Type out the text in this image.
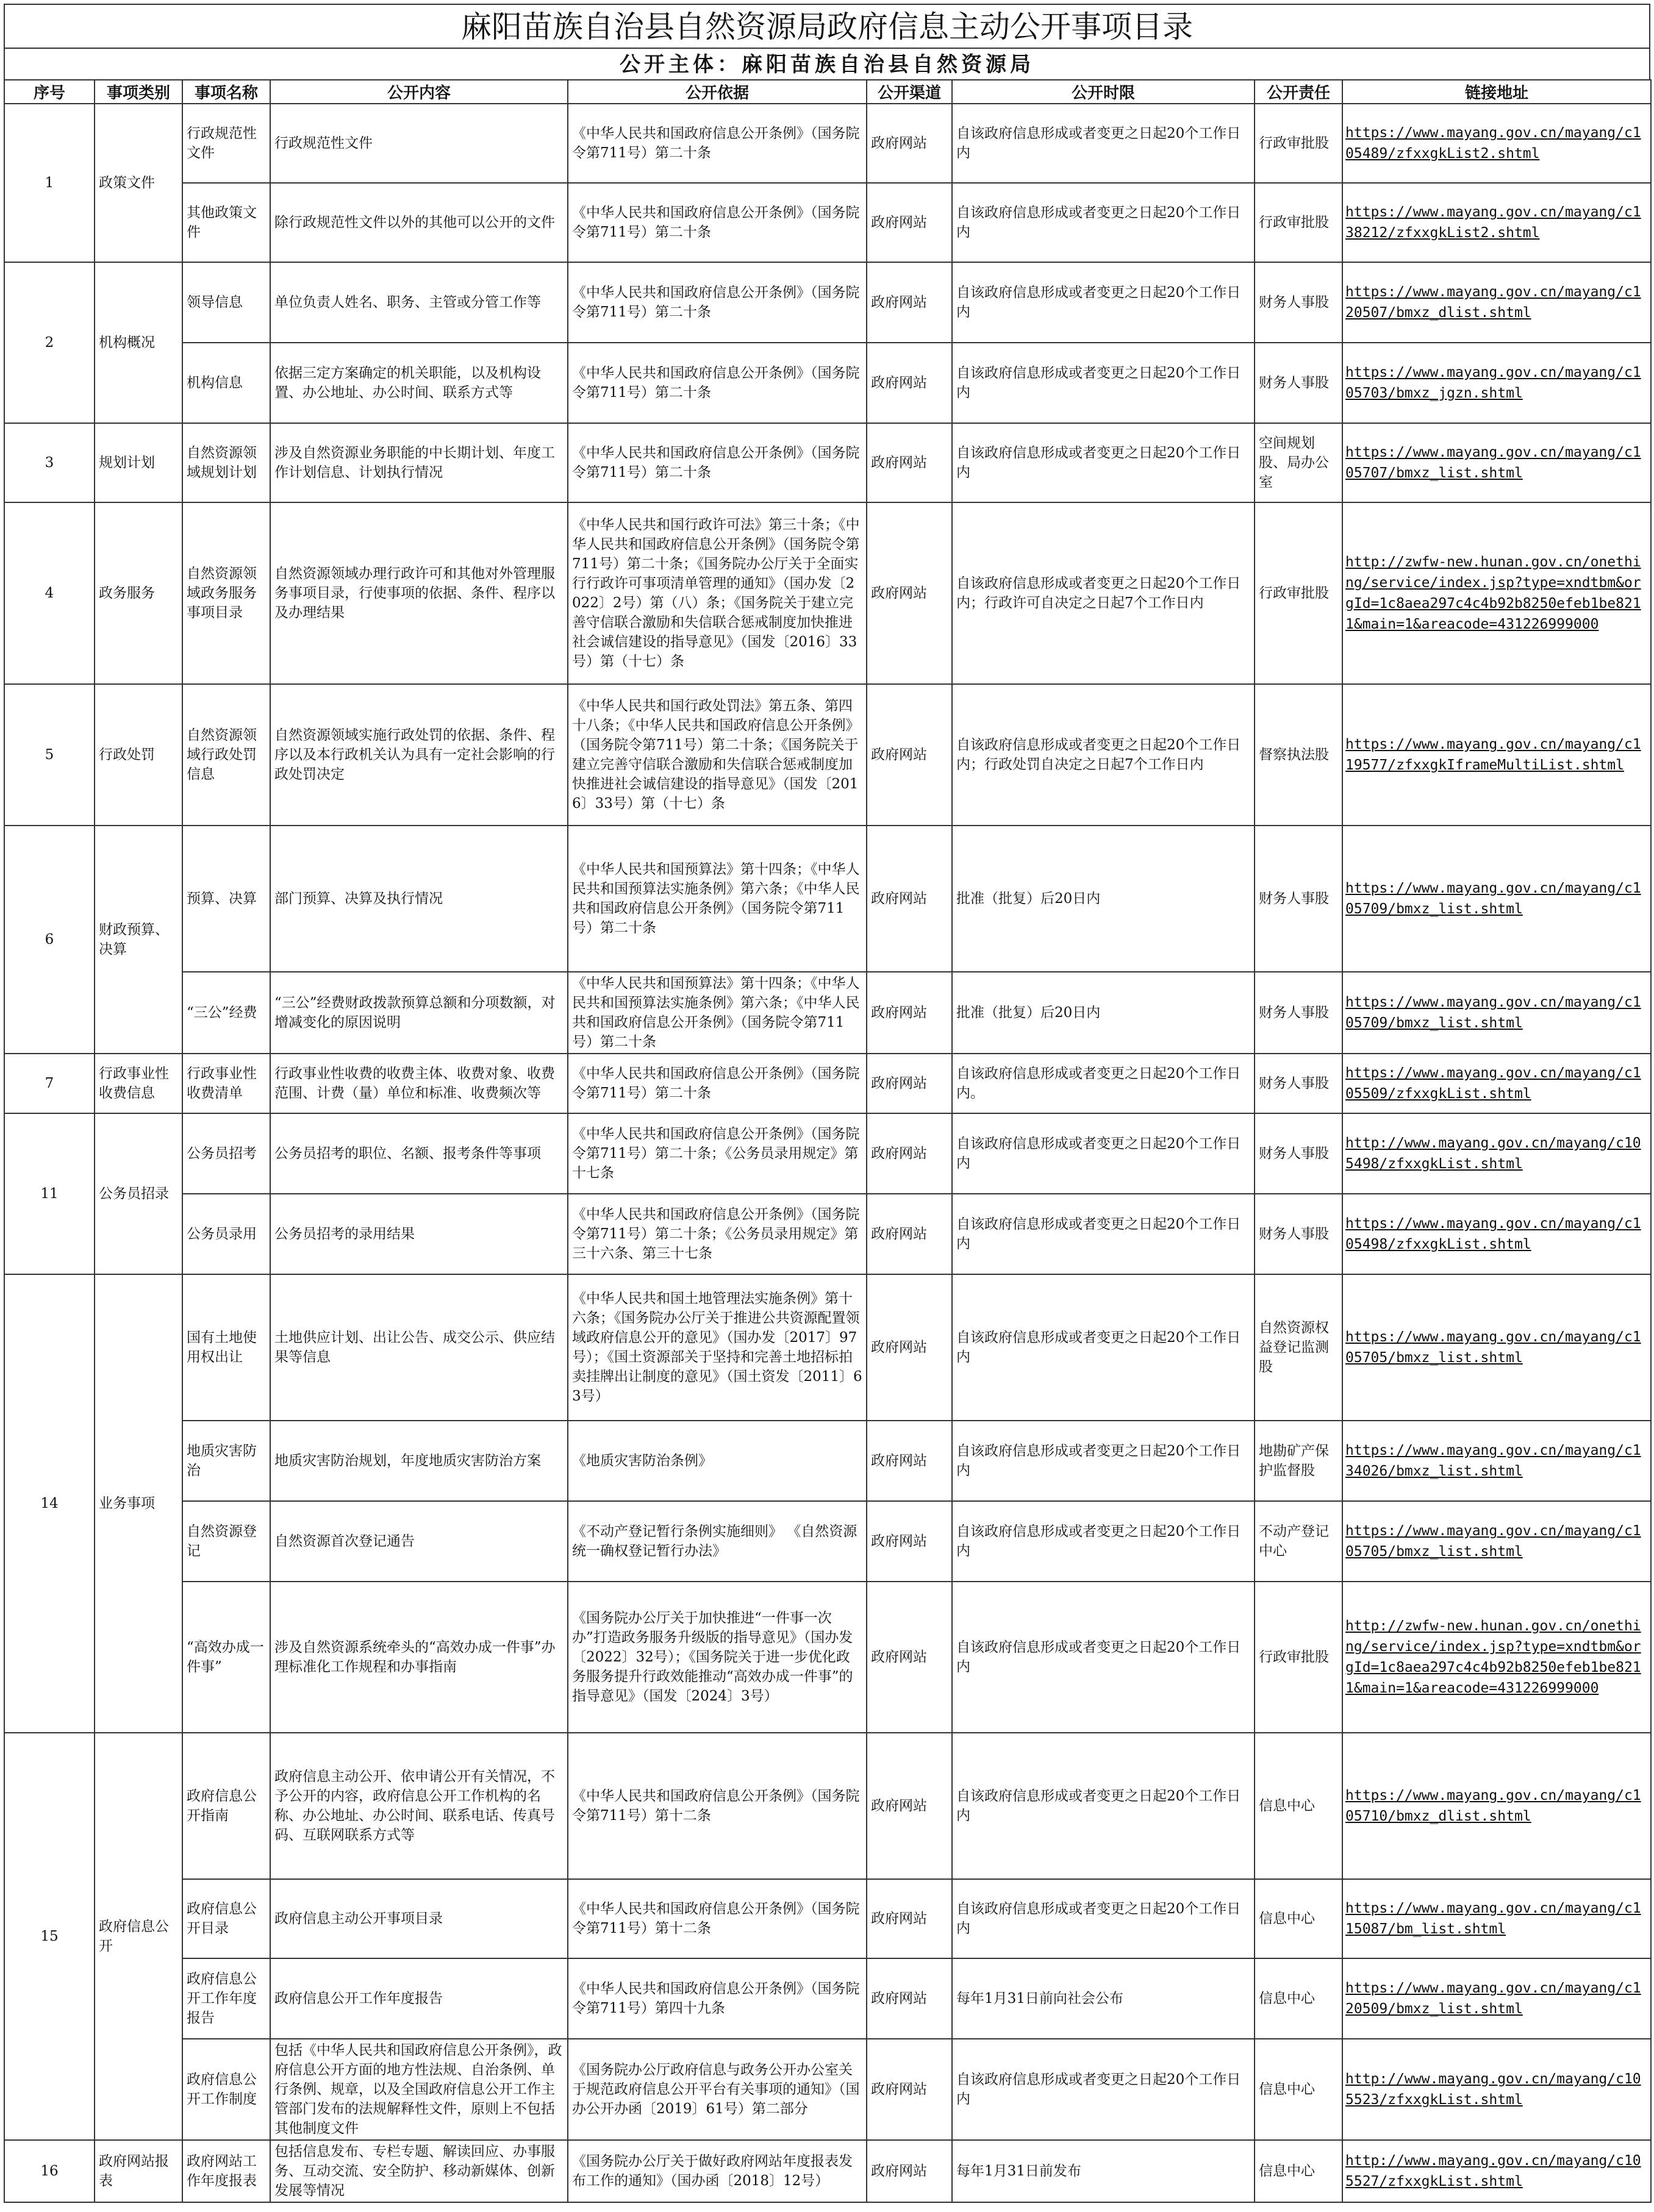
麻阳苗族自治县自然资源局政府信息主动公开事项目录
公开主体：麻阳苗族自治县自然资源局
序号	事项类别	事项名称	公开内容	公开依据	公开渠道	公开时限	公开责任	链接地址
1	政策文件	行政规范性文件	行政规范性文件	《中华人民共和国政府信息公开条例》（国务院令第711号）第二十条	政府网站	自该政府信息形成或者变更之日起20个工作日内	行政审批股	https://www.mayang.gov.cn/mayang/c105489/zfxxgkList2.shtml
		其他政策文件	除行政规范性文件以外的其他可以公开的文件	《中华人民共和国政府信息公开条例》（国务院令第711号）第二十条	政府网站	自该政府信息形成或者变更之日起20个工作日内	行政审批股	https://www.mayang.gov.cn/mayang/c138212/zfxxgkList2.shtml
2	机构概况	领导信息	单位负责人姓名、职务、主管或分管工作等	《中华人民共和国政府信息公开条例》（国务院令第711号）第二十条	政府网站	自该政府信息形成或者变更之日起20个工作日内	财务人事股	https://www.mayang.gov.cn/mayang/c120507/bmxz_dlist.shtml
		机构信息	依据三定方案确定的机关职能，以及机构设置、办公地址、办公时间、联系方式等	《中华人民共和国政府信息公开条例》（国务院令第711号）第二十条	政府网站	自该政府信息形成或者变更之日起20个工作日内	财务人事股	https://www.mayang.gov.cn/mayang/c105703/bmxz_jgzn.shtml
3	规划计划	自然资源领域规划计划	涉及自然资源业务职能的中长期计划、年度工作计划信息、计划执行情况	《中华人民共和国政府信息公开条例》（国务院令第711号）第二十条	政府网站	自该政府信息形成或者变更之日起20个工作日内	空间规划股、局办公室	https://www.mayang.gov.cn/mayang/c105707/bmxz_list.shtml
4	政务服务	自然资源领域政务服务事项目录	自然资源领域办理行政许可和其他对外管理服务事项目录，行使事项的依据、条件、程序以及办理结果	《中华人民共和国行政许可法》第三十条；《中华人民共和国政府信息公开条例》（国务院令第711号）第二十条；《国务院办公厅关于全面实行行政许可事项清单管理的通知》（国办发〔2022〕2号）第（八）条；《国务院关于建立完善守信联合激励和失信联合惩戒制度加快推进社会诚信建设的指导意见》（国发〔2016〕33号）第（十七）条	政府网站	自该政府信息形成或者变更之日起20个工作日内；行政许可自决定之日起7个工作日内	行政审批股	http://zwfw-new.hunan.gov.cn/onething/service/index.jsp?type=xndtbm&orgId=1c8aea297c4c4b92b8250efeb1be8211&main=1&areacode=431226999000
5	行政处罚	自然资源领域行政处罚信息	自然资源领域实施行政处罚的依据、条件、程序以及本行政机关认为具有一定社会影响的行政处罚决定	《中华人民共和国行政处罚法》第五条、第四十八条；《中华人民共和国政府信息公开条例》（国务院令第711号）第二十条；《国务院关于建立完善守信联合激励和失信联合惩戒制度加快推进社会诚信建设的指导意见》（国发〔2016〕33号）第（十七）条	政府网站	自该政府信息形成或者变更之日起20个工作日内；行政处罚自决定之日起7个工作日内	督察执法股	https://www.mayang.gov.cn/mayang/c119577/zfxxgkIframeMultiList.shtml
6	财政预算、决算	预算、决算	部门预算、决算及执行情况	《中华人民共和国预算法》第十四条；《中华人民共和国预算法实施条例》第六条；《中华人民共和国政府信息公开条例》（国务院令第711号）第二十条	政府网站	批准（批复）后20日内	财务人事股	https://www.mayang.gov.cn/mayang/c105709/bmxz_list.shtml
		“三公”经费	“三公”经费财政拨款预算总额和分项数额，对增减变化的原因说明	《中华人民共和国预算法》第十四条；《中华人民共和国预算法实施条例》第六条；《中华人民共和国政府信息公开条例》（国务院令第711号）第二十条	政府网站	批准（批复）后20日内	财务人事股	https://www.mayang.gov.cn/mayang/c105709/bmxz_list.shtml
7	行政事业性收费信息	行政事业性收费清单	行政事业性收费的收费主体、收费对象、收费范围、计费（量）单位和标准、收费频次等	《中华人民共和国政府信息公开条例》（国务院令第711号）第二十条	政府网站	自该政府信息形成或者变更之日起20个工作日内。	财务人事股	https://www.mayang.gov.cn/mayang/c105509/zfxxgkList.shtml
11	公务员招录	公务员招考	公务员招考的职位、名额、报考条件等事项	《中华人民共和国政府信息公开条例》（国务院令第711号）第二十条；《公务员录用规定》第十七条	政府网站	自该政府信息形成或者变更之日起20个工作日内	财务人事股	http://www.mayang.gov.cn/mayang/c105498/zfxxgkList.shtml
		公务员录用	公务员招考的录用结果	《中华人民共和国政府信息公开条例》（国务院令第711号）第二十条；《公务员录用规定》第三十六条、第三十七条	政府网站	自该政府信息形成或者变更之日起20个工作日内	财务人事股	https://www.mayang.gov.cn/mayang/c105498/zfxxgkList.shtml
14	业务事项	国有土地使用权出让	土地供应计划、出让公告、成交公示、供应结果等信息	《中华人民共和国土地管理法实施条例》第十六条；《国务院办公厅关于推进公共资源配置领域政府信息公开的意见》（国办发〔2017〕97号）；《国土资源部关于坚持和完善土地招标拍卖挂牌出让制度的意见》（国土资发〔2011〕63号）	政府网站	自该政府信息形成或者变更之日起20个工作日内	自然资源权益登记监测股	https://www.mayang.gov.cn/mayang/c105705/bmxz_list.shtml
		地质灾害防治	地质灾害防治规划，年度地质灾害防治方案	《地质灾害防治条例》	政府网站	自该政府信息形成或者变更之日起20个工作日内	地勘矿产保护监督股	https://www.mayang.gov.cn/mayang/c134026/bmxz_list.shtml
		自然资源登记	自然资源首次登记通告	《不动产登记暂行条例实施细则》 《自然资源统一确权登记暂行办法》	政府网站	自该政府信息形成或者变更之日起20个工作日内	不动产登记中心	https://www.mayang.gov.cn/mayang/c105705/bmxz_list.shtml
		“高效办成一件事”	涉及自然资源系统牵头的“高效办成一件事”办理标准化工作规程和办事指南	《国务院办公厅关于加快推进“一件事一次办”打造政务服务升级版的指导意见》（国办发〔2022〕32号）；《国务院关于进一步优化政务服务提升行政效能推动“高效办成一件事”的指导意见》（国发〔2024〕3号）	政府网站	自该政府信息形成或者变更之日起20个工作日内	行政审批股	http://zwfw-new.hunan.gov.cn/onething/service/index.jsp?type=xndtbm&orgId=1c8aea297c4c4b92b8250efeb1be8211&main=1&areacode=431226999000
15	政府信息公开	政府信息公开指南	政府信息主动公开、依申请公开有关情况，不予公开的内容，政府信息公开工作机构的名称、办公地址、办公时间、联系电话、传真号码、互联网联系方式等	《中华人民共和国政府信息公开条例》（国务院令第711号）第十二条	政府网站	自该政府信息形成或者变更之日起20个工作日内	信息中心	https://www.mayang.gov.cn/mayang/c105710/bmxz_dlist.shtml
		政府信息公开目录	政府信息主动公开事项目录	《中华人民共和国政府信息公开条例》（国务院令第711号）第十二条	政府网站	自该政府信息形成或者变更之日起20个工作日内	信息中心	https://www.mayang.gov.cn/mayang/c115087/bm_list.shtml
		政府信息公开工作年度报告	政府信息公开工作年度报告	《中华人民共和国政府信息公开条例》（国务院令第711号）第四十九条	政府网站	每年1月31日前向社会公布	信息中心	https://www.mayang.gov.cn/mayang/c120509/bmxz_list.shtml
		政府信息公开工作制度	包括《中华人民共和国政府信息公开条例》，政府信息公开方面的地方性法规、自治条例、单行条例、规章，以及全国政府信息公开工作主管部门发布的法规解释性文件，原则上不包括其他制度文件	《国务院办公厅政府信息与政务公开办公室关于规范政府信息公开平台有关事项的通知》（国办公开办函〔2019〕61号）第二部分	政府网站	自该政府信息形成或者变更之日起20个工作日内	信息中心	http://www.mayang.gov.cn/mayang/c105523/zfxxgkList.shtml
16	政府网站报表	政府网站工作年度报表	包括信息发布、专栏专题、解读回应、办事服务、互动交流、安全防护、移动新媒体、创新发展等情况	《国务院办公厅关于做好政府网站年度报表发布工作的通知》（国办函〔2018〕12号）	政府网站	每年1月31日前发布	信息中心	http://www.mayang.gov.cn/mayang/c105527/zfxxgkList.shtml
